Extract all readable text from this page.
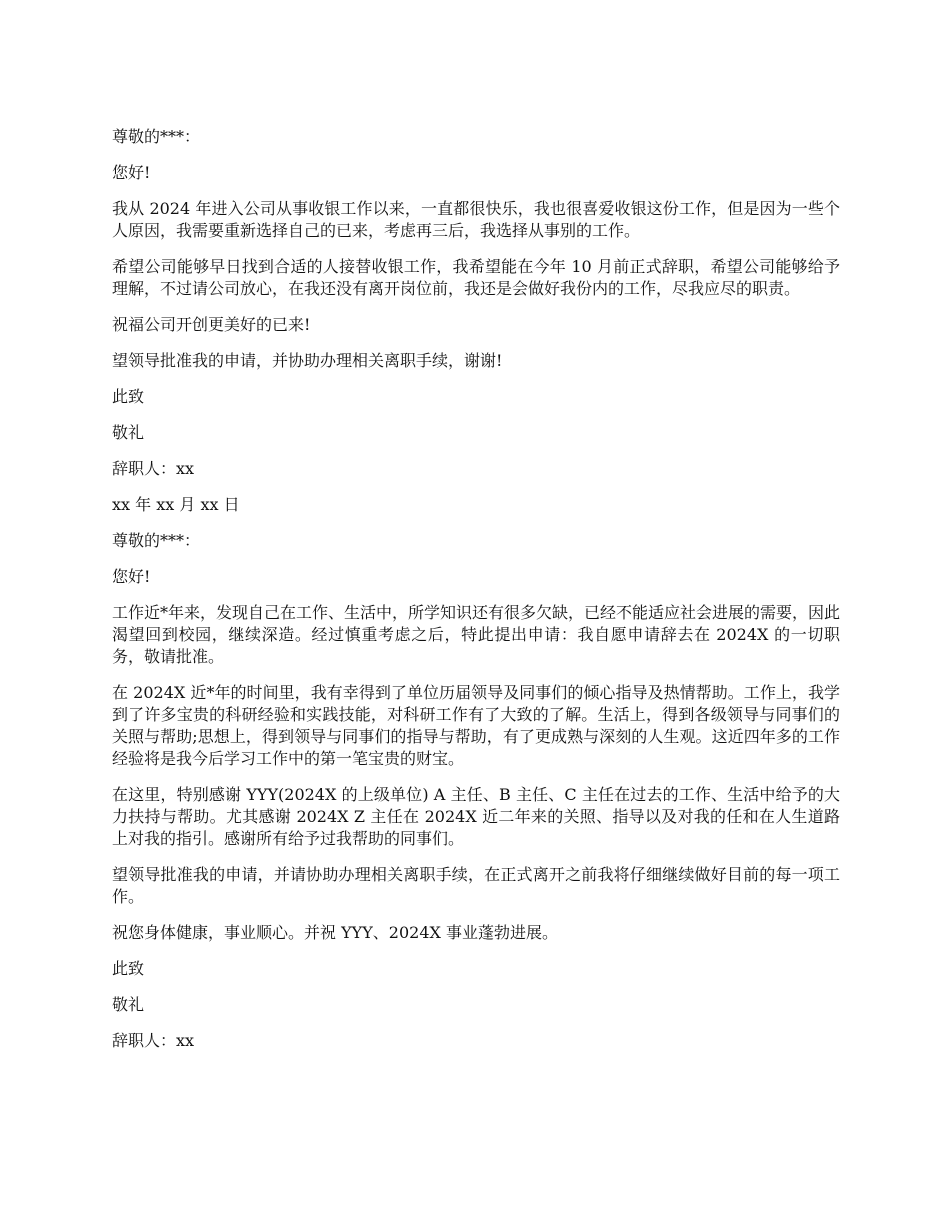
尊敬的***：

您好!

我从 2024 年进入公司从事收银工作以来，一直都很快乐，我也很喜爱收银这份工作，但是因为一些个人原因，我需要重新选择自己的已来，考虑再三后，我选择从事别的工作。

希望公司能够早日找到合适的人接替收银工作，我希望能在今年 10 月前正式辞职，希望公司能够给予理解，不过请公司放心，在我还没有离开岗位前，我还是会做好我份内的工作，尽我应尽的职责。

祝福公司开创更美好的已来!

望领导批准我的申请，并协助办理相关离职手续，谢谢!

此致

敬礼

辞职人：xx

xx 年 xx 月 xx 日

尊敬的***：

您好!

工作近*年来，发现自己在工作、生活中，所学知识还有很多欠缺，已经不能适应社会进展的需要，因此渴望回到校园，继续深造。经过慎重考虑之后，特此提出申请：我自愿申请辞去在 2024X 的一切职务，敬请批准。

在 2024X 近*年的时间里，我有幸得到了单位历届领导及同事们的倾心指导及热情帮助。工作上，我学到了许多宝贵的科研经验和实践技能，对科研工作有了大致的了解。生活上，得到各级领导与同事们的关照与帮助;思想上，得到领导与同事们的指导与帮助，有了更成熟与深刻的人生观。这近四年多的工作经验将是我今后学习工作中的第一笔宝贵的财宝。

在这里，特别感谢 YYY(2024X 的上级单位) A 主任、B 主任、C 主任在过去的工作、生活中给予的大力扶持与帮助。尤其感谢 2024X Z 主任在 2024X 近二年来的关照、指导以及对我的任和在人生道路上对我的指引。感谢所有给予过我帮助的同事们。

望领导批准我的申请，并请协助办理相关离职手续，在正式离开之前我将仔细继续做好目前的每一项工作。

祝您身体健康，事业顺心。并祝 YYY、2024X 事业蓬勃进展。

此致

敬礼

辞职人：xx
